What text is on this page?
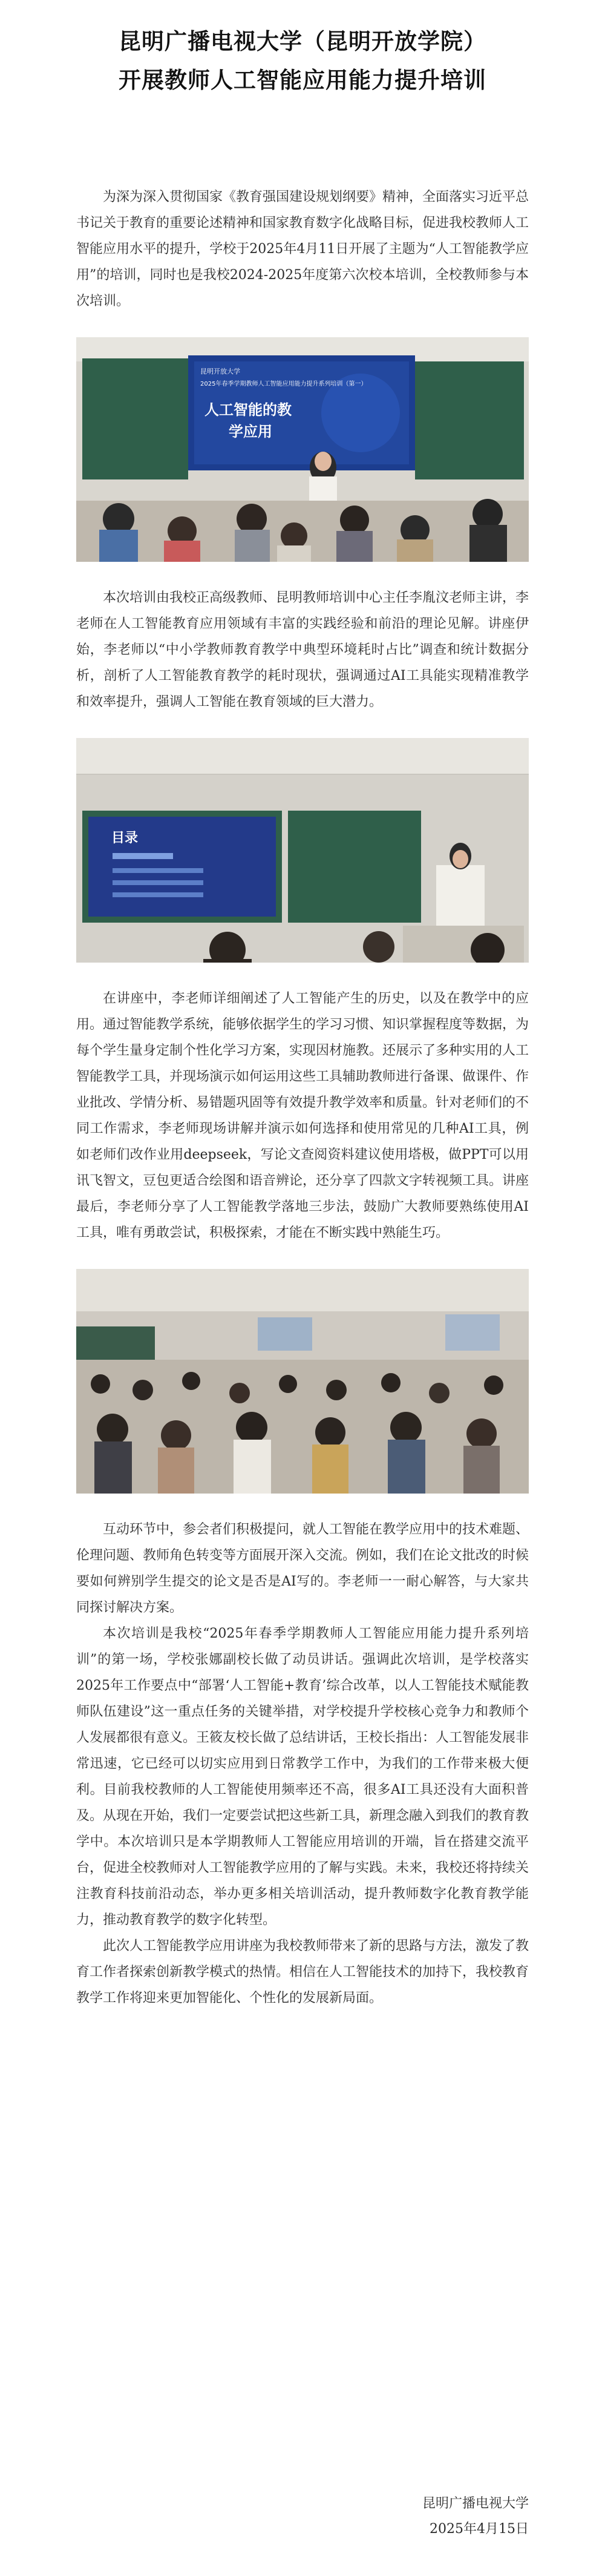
昆明广播电视大学（昆明开放学院）
开展教师人工智能应用能力提升培训

为深为深入贯彻国家《教育强国建设规划纲要》精神，全面落实习近平总书记关于教育的重要论述精神和国家教育数字化战略目标，促进我校教师人工智能应用水平的提升，学校于2025年4月11日开展了主题为“人工智能教学应用”的培训，同时也是我校2024-2025年度第六次校本培训，全校教师参与本次培训。

昆明开放大学
2025年春季学期教师人工智能应用能力提升系列培训（第一）
人工智能的教
学应用

本次培训由我校正高级教师、昆明教师培训中心主任李胤汶老师主讲，李老师在人工智能教育应用领域有丰富的实践经验和前沿的理论见解。讲座伊始，李老师以“中小学教师教育教学中典型环境耗时占比”调查和统计数据分析，剖析了人工智能教育教学的耗时现状，强调通过AI工具能实现精准教学和效率提升，强调人工智能在教育领域的巨大潜力。

目录

在讲座中，李老师详细阐述了人工智能产生的历史，以及在教学中的应用。通过智能教学系统，能够依据学生的学习习惯、知识掌握程度等数据，为每个学生量身定制个性化学习方案，实现因材施教。还展示了多种实用的人工智能教学工具，并现场演示如何运用这些工具辅助教师进行备课、做课件、作业批改、学情分析、易错题巩固等有效提升教学效率和质量。针对老师们的不同工作需求，李老师现场讲解并演示如何选择和使用常见的几种AI工具，例如老师们改作业用deepseek，写论文查阅资料建议使用塔极，做PPT可以用讯飞智文，豆包更适合绘图和语音辨论，还分享了四款文字转视频工具。讲座最后，李老师分享了人工智能教学落地三步法，鼓励广大教师要熟练使用AI工具，唯有勇敢尝试，积极探索，才能在不断实践中熟能生巧。

互动环节中，参会者们积极提问，就人工智能在教学应用中的技术难题、伦理问题、教师角色转变等方面展开深入交流。例如，我们在论文批改的时候要如何辨别学生提交的论文是否是AI写的。李老师一一耐心解答，与大家共同探讨解决方案。

本次培训是我校“2025年春季学期教师人工智能应用能力提升系列培训”的第一场，学校张娜副校长做了动员讲话。强调此次培训，是学校落实2025年工作要点中“部署‘人工智能+教育’综合改革，以人工智能技术赋能教师队伍建设”这一重点任务的关键举措，对学校提升学校核心竞争力和教师个人发展都很有意义。王筱友校长做了总结讲话，王校长指出：人工智能发展非常迅速，它已经可以切实应用到日常教学工作中，为我们的工作带来极大便利。目前我校教师的人工智能使用频率还不高，很多AI工具还没有大面积普及。从现在开始，我们一定要尝试把这些新工具，新理念融入到我们的教育教学中。本次培训只是本学期教师人工智能应用培训的开端，旨在搭建交流平台，促进全校教师对人工智能教学应用的了解与实践。未来，我校还将持续关注教育科技前沿动态，举办更多相关培训活动，提升教师数字化教育教学能力，推动教育教学的数字化转型。

此次人工智能教学应用讲座为我校教师带来了新的思路与方法，激发了教育工作者探索创新教学模式的热情。相信在人工智能技术的加持下，我校教育教学工作将迎来更加智能化、个性化的发展新局面。

昆明广播电视大学
2025年4月15日
